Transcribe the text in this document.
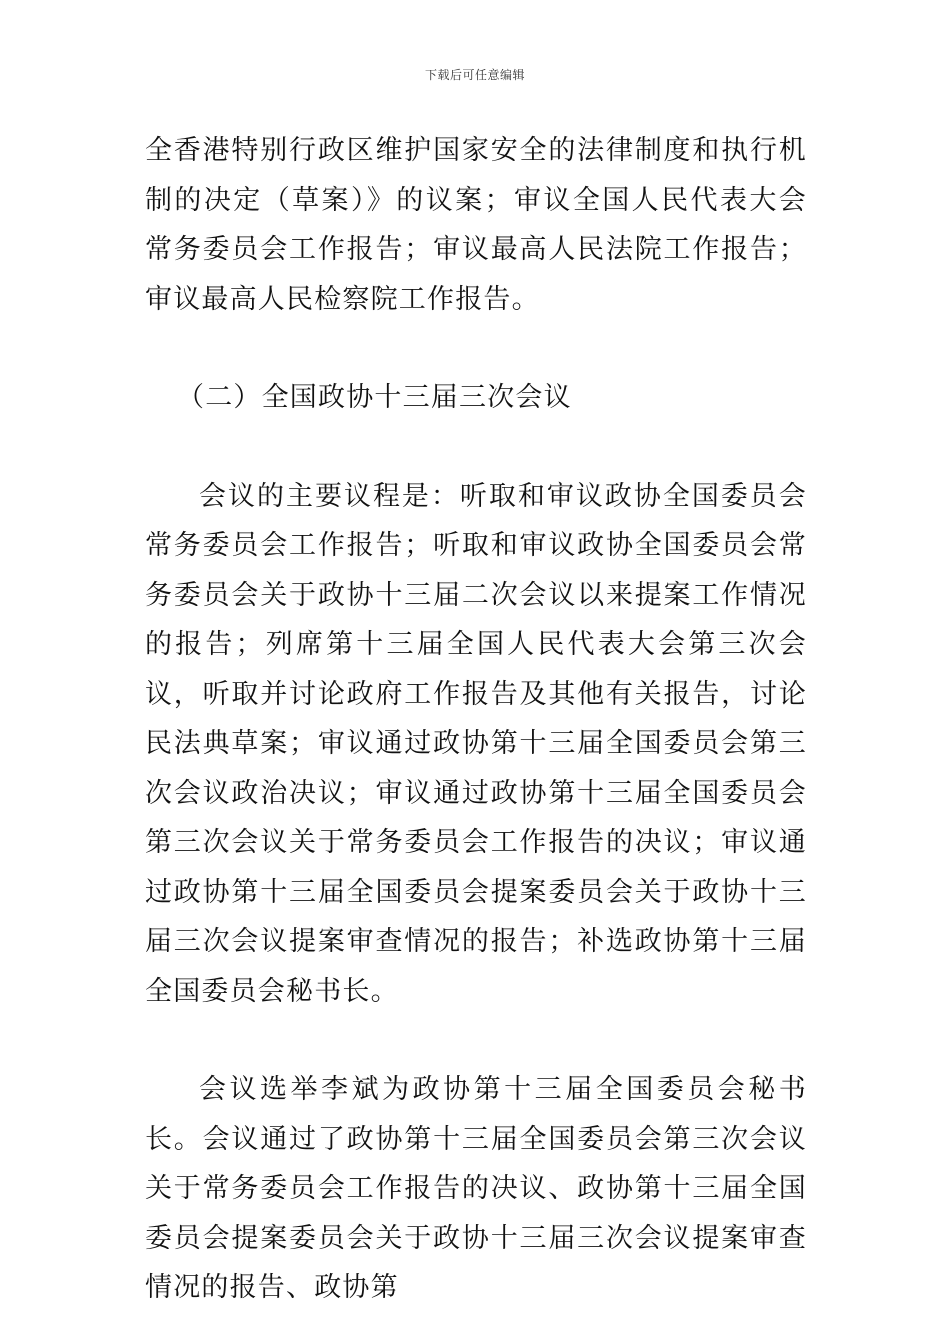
下载后可任意编辑

全香港特别行政区维护国家安全的法律制度和执行机制的决定（草案）》的议案；审议全国人民代表大会常务委员会工作报告；审议最高人民法院工作报告；审议最高人民检察院工作报告。

（二）全国政协十三届三次会议

会议的主要议程是：听取和审议政协全国委员会常务委员会工作报告；听取和审议政协全国委员会常务委员会关于政协十三届二次会议以来提案工作情况的报告；列席第十三届全国人民代表大会第三次会议，听取并讨论政府工作报告及其他有关报告，讨论民法典草案；审议通过政协第十三届全国委员会第三次会议政治决议；审议通过政协第十三届全国委员会第三次会议关于常务委员会工作报告的决议；审议通过政协第十三届全国委员会提案委员会关于政协十三届三次会议提案审查情况的报告；补选政协第十三届全国委员会秘书长。

会议选举李斌为政协第十三届全国委员会秘书长。会议通过了政协第十三届全国委员会第三次会议关于常务委员会工作报告的决议、政协第十三届全国委员会提案委员会关于政协十三届三次会议提案审查情况的报告、政协第
